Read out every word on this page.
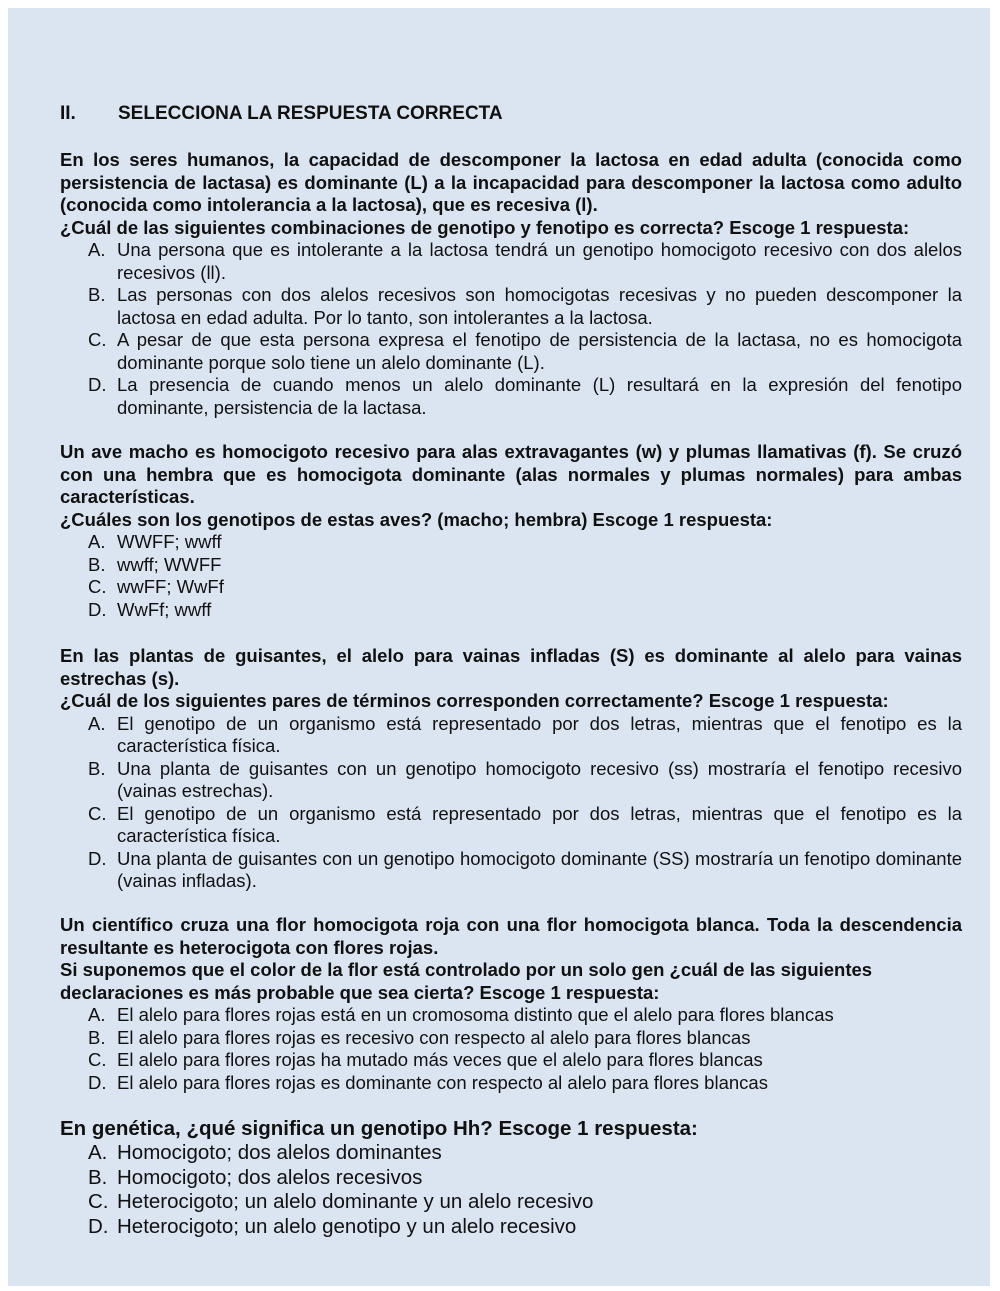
II.	SELECCIONA LA RESPUESTA CORRECTA
En los seres humanos, la capacidad de descomponer la lactosa en edad adulta (conocida como persistencia de lactasa) es dominante (L) a la incapacidad para descomponer la lactosa como adulto (conocida como intolerancia a la lactosa), que es recesiva (l).
¿Cuál de las siguientes combinaciones de genotipo y fenotipo es correcta? Escoge 1 respuesta:
A. Una persona que es intolerante a la lactosa tendrá un genotipo homocigoto recesivo con dos alelos recesivos (ll).
B. Las personas con dos alelos recesivos son homocigotas recesivas y no pueden descomponer la lactosa en edad adulta. Por lo tanto, son intolerantes a la lactosa.
C. A pesar de que esta persona expresa el fenotipo de persistencia de la lactasa, no es homocigota dominante porque solo tiene un alelo dominante (L).
D. La presencia de cuando menos un alelo dominante (L) resultará en la expresión del fenotipo dominante, persistencia de la lactasa.
Un ave macho es homocigoto recesivo para alas extravagantes (w) y plumas llamativas (f). Se cruzó con una hembra que es homocigota dominante (alas normales y plumas normales) para ambas características.
¿Cuáles son los genotipos de estas aves? (macho; hembra) Escoge 1 respuesta:
A. WWFF; wwff
B. wwff; WWFF
C. wwFF; WwFf
D. WwFf; wwff
En las plantas de guisantes, el alelo para vainas infladas (S) es dominante al alelo para vainas estrechas (s).
¿Cuál de los siguientes pares de términos corresponden correctamente? Escoge 1 respuesta:
A. El genotipo de un organismo está representado por dos letras, mientras que el fenotipo es la característica física.
B. Una planta de guisantes con un genotipo homocigoto recesivo (ss) mostraría el fenotipo recesivo (vainas estrechas).
C. El genotipo de un organismo está representado por dos letras, mientras que el fenotipo es la característica física.
D. Una planta de guisantes con un genotipo homocigoto dominante (SS) mostraría un fenotipo dominante (vainas infladas).
Un científico cruza una flor homocigota roja con una flor homocigota blanca. Toda la descendencia resultante es heterocigota con flores rojas.
Si suponemos que el color de la flor está controlado por un solo gen ¿cuál de las siguientes declaraciones es más probable que sea cierta? Escoge 1 respuesta:
A. El alelo para flores rojas está en un cromosoma distinto que el alelo para flores blancas
B. El alelo para flores rojas es recesivo con respecto al alelo para flores blancas
C. El alelo para flores rojas ha mutado más veces que el alelo para flores blancas
D. El alelo para flores rojas es dominante con respecto al alelo para flores blancas
En genética, ¿qué significa un genotipo Hh? Escoge 1 respuesta:
A. Homocigoto; dos alelos dominantes
B. Homocigoto; dos alelos recesivos
C. Heterocigoto; un alelo dominante y un alelo recesivo
D. Heterocigoto; un alelo genotipo y un alelo recesivo
